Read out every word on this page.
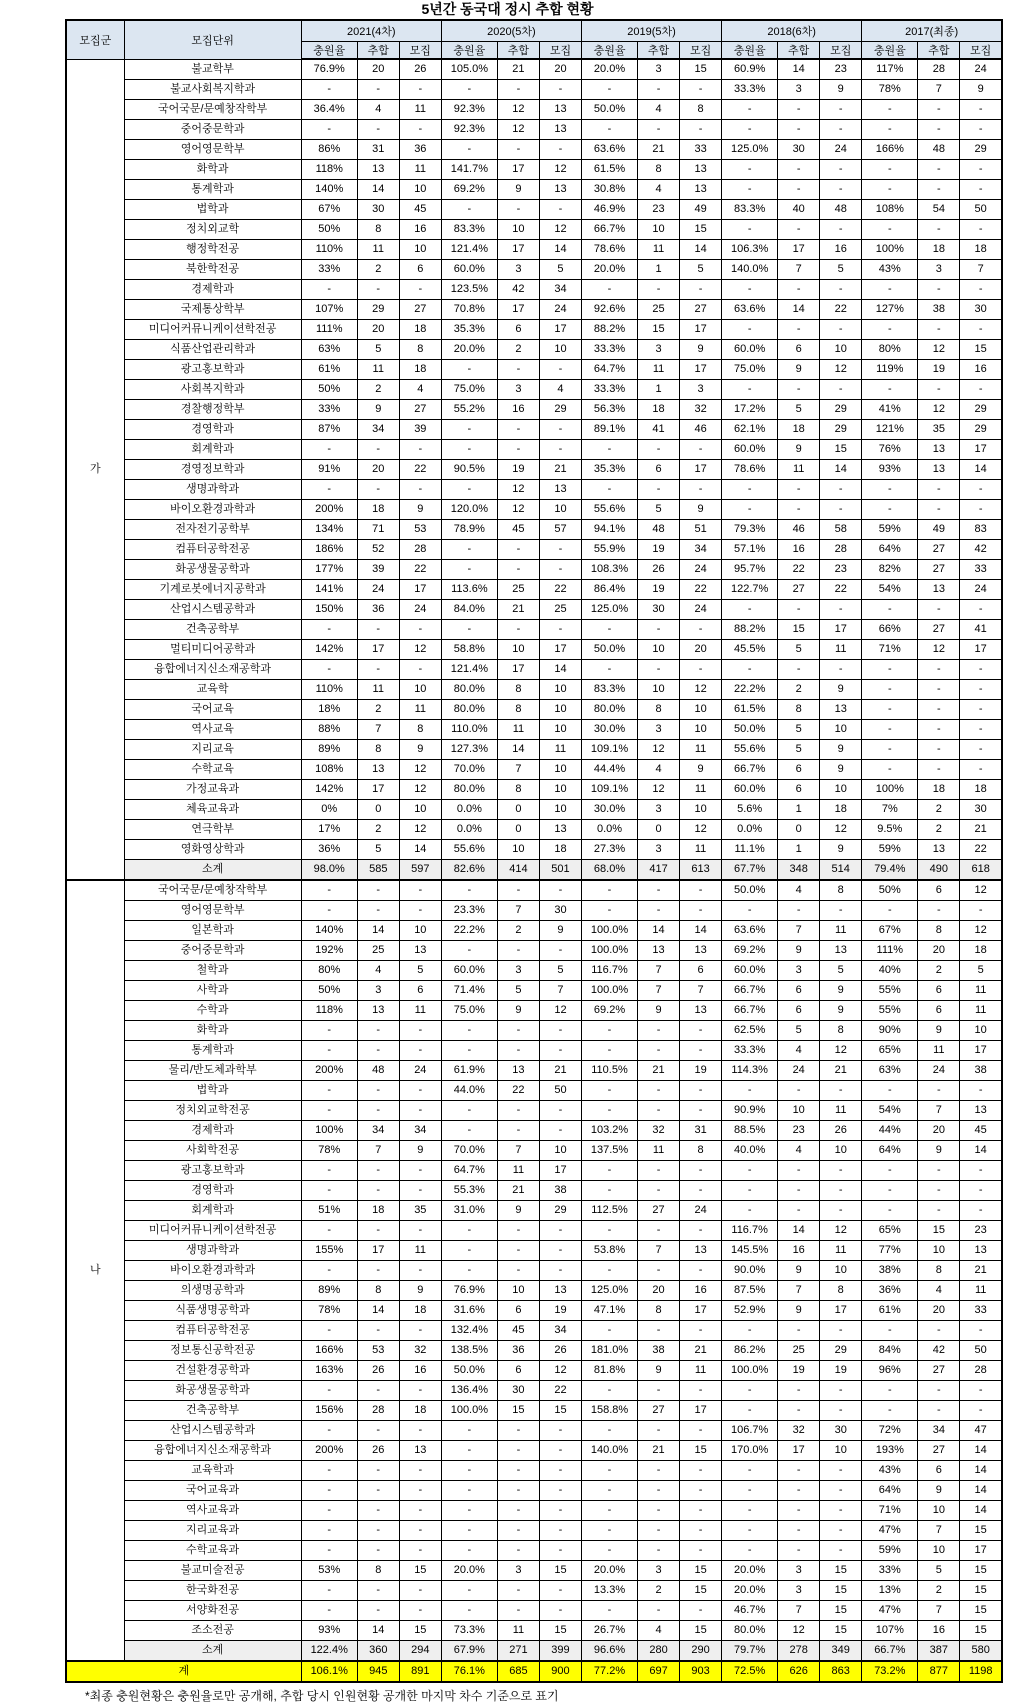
5년간 동국대 정시 추합 현황
모집군	모집단위	2021(4차)			2020(5차)			2019(5차)			2018(6차)			2017(최종)		
		충원율	추합	모집	충원율	추합	모집	충원율	추합	모집	충원율	추합	모집	충원율	추합	모집
가	불교학부	76.9%	20	26	105.0%	21	20	20.0%	3	15	60.9%	14	23	117%	28	24
	불교사회복지학과	-	-	-	-	-	-	-	-	-	33.3%	3	9	78%	7	9
	국어국문/문예창작학부	36.4%	4	11	92.3%	12	13	50.0%	4	8	-	-	-	-	-	-
	중어중문학과	-	-	-	92.3%	12	13	-	-	-	-	-	-	-	-	-
	영어영문학부	86%	31	36	-	-	-	63.6%	21	33	125.0%	30	24	166%	48	29
	화학과	118%	13	11	141.7%	17	12	61.5%	8	13	-	-	-	-	-	-
	통계학과	140%	14	10	69.2%	9	13	30.8%	4	13	-	-	-	-	-	-
	법학과	67%	30	45	-	-	-	46.9%	23	49	83.3%	40	48	108%	54	50
	정치외교학	50%	8	16	83.3%	10	12	66.7%	10	15	-	-	-	-	-	-
	행정학전공	110%	11	10	121.4%	17	14	78.6%	11	14	106.3%	17	16	100%	18	18
	북한학전공	33%	2	6	60.0%	3	5	20.0%	1	5	140.0%	7	5	43%	3	7
	경제학과	-	-	-	123.5%	42	34	-	-	-	-	-	-	-	-	-
	국제통상학부	107%	29	27	70.8%	17	24	92.6%	25	27	63.6%	14	22	127%	38	30
	미디어커뮤니케이션학전공	111%	20	18	35.3%	6	17	88.2%	15	17	-	-	-	-	-	-
	식품산업관리학과	63%	5	8	20.0%	2	10	33.3%	3	9	60.0%	6	10	80%	12	15
	광고홍보학과	61%	11	18	-	-	-	64.7%	11	17	75.0%	9	12	119%	19	16
	사회복지학과	50%	2	4	75.0%	3	4	33.3%	1	3	-	-	-	-	-	-
	경찰행정학부	33%	9	27	55.2%	16	29	56.3%	18	32	17.2%	5	29	41%	12	29
	경영학과	87%	34	39	-	-	-	89.1%	41	46	62.1%	18	29	121%	35	29
	회계학과	-	-	-	-	-	-	-	-	-	60.0%	9	15	76%	13	17
	경영정보학과	91%	20	22	90.5%	19	21	35.3%	6	17	78.6%	11	14	93%	13	14
	생명과학과	-	-	-	-	12	13	-	-	-	-	-	-	-	-	-
	바이오환경과학과	200%	18	9	120.0%	12	10	55.6%	5	9	-	-	-	-	-	-
	전자전기공학부	134%	71	53	78.9%	45	57	94.1%	48	51	79.3%	46	58	59%	49	83
	컴퓨터공학전공	186%	52	28	-	-	-	55.9%	19	34	57.1%	16	28	64%	27	42
	화공생물공학과	177%	39	22	-	-	-	108.3%	26	24	95.7%	22	23	82%	27	33
	기계로봇에너지공학과	141%	24	17	113.6%	25	22	86.4%	19	22	122.7%	27	22	54%	13	24
	산업시스템공학과	150%	36	24	84.0%	21	25	125.0%	30	24	-	-	-	-	-	-
	건축공학부	-	-	-	-	-	-	-	-	-	88.2%	15	17	66%	27	41
	멀티미디어공학과	142%	17	12	58.8%	10	17	50.0%	10	20	45.5%	5	11	71%	12	17
	융합에너지신소재공학과	-	-	-	121.4%	17	14	-	-	-	-	-	-	-	-	-
	교육학	110%	11	10	80.0%	8	10	83.3%	10	12	22.2%	2	9	-	-	-
	국어교육	18%	2	11	80.0%	8	10	80.0%	8	10	61.5%	8	13	-	-	-
	역사교육	88%	7	8	110.0%	11	10	30.0%	3	10	50.0%	5	10	-	-	-
	지리교육	89%	8	9	127.3%	14	11	109.1%	12	11	55.6%	5	9	-	-	-
	수학교육	108%	13	12	70.0%	7	10	44.4%	4	9	66.7%	6	9	-	-	-
	가정교육과	142%	17	12	80.0%	8	10	109.1%	12	11	60.0%	6	10	100%	18	18
	체육교육과	0%	0	10	0.0%	0	10	30.0%	3	10	5.6%	1	18	7%	2	30
	연극학부	17%	2	12	0.0%	0	13	0.0%	0	12	0.0%	0	12	9.5%	2	21
	영화영상학과	36%	5	14	55.6%	10	18	27.3%	3	11	11.1%	1	9	59%	13	22
	소계	98.0%	585	597	82.6%	414	501	68.0%	417	613	67.7%	348	514	79.4%	490	618
나	국어국문/문예창작학부	-	-	-	-	-	-	-	-	-	50.0%	4	8	50%	6	12
	영어영문학부	-	-	-	23.3%	7	30	-	-	-	-	-	-	-	-	-
	일본학과	140%	14	10	22.2%	2	9	100.0%	14	14	63.6%	7	11	67%	8	12
	중어중문학과	192%	25	13	-	-	-	100.0%	13	13	69.2%	9	13	111%	20	18
	철학과	80%	4	5	60.0%	3	5	116.7%	7	6	60.0%	3	5	40%	2	5
	사학과	50%	3	6	71.4%	5	7	100.0%	7	7	66.7%	6	9	55%	6	11
	수학과	118%	13	11	75.0%	9	12	69.2%	9	13	66.7%	6	9	55%	6	11
	화학과	-	-	-	-	-	-	-	-	-	62.5%	5	8	90%	9	10
	통계학과	-	-	-	-	-	-	-	-	-	33.3%	4	12	65%	11	17
	물리/반도체과학부	200%	48	24	61.9%	13	21	110.5%	21	19	114.3%	24	21	63%	24	38
	법학과	-	-	-	44.0%	22	50	-	-	-	-	-	-	-	-	-
	정치외교학전공	-	-	-	-	-	-	-	-	-	90.9%	10	11	54%	7	13
	경제학과	100%	34	34	-	-	-	103.2%	32	31	88.5%	23	26	44%	20	45
	사회학전공	78%	7	9	70.0%	7	10	137.5%	11	8	40.0%	4	10	64%	9	14
	광고홍보학과	-	-	-	64.7%	11	17	-	-	-	-	-	-	-	-	-
	경영학과	-	-	-	55.3%	21	38	-	-	-	-	-	-	-	-	-
	회계학과	51%	18	35	31.0%	9	29	112.5%	27	24	-	-	-	-	-	-
	미디어커뮤니케이션학전공	-	-	-	-	-	-	-	-	-	116.7%	14	12	65%	15	23
	생명과학과	155%	17	11	-	-	-	53.8%	7	13	145.5%	16	11	77%	10	13
	바이오환경과학과	-	-	-	-	-	-	-	-	-	90.0%	9	10	38%	8	21
	의생명공학과	89%	8	9	76.9%	10	13	125.0%	20	16	87.5%	7	8	36%	4	11
	식품생명공학과	78%	14	18	31.6%	6	19	47.1%	8	17	52.9%	9	17	61%	20	33
	컴퓨터공학전공	-	-	-	132.4%	45	34	-	-	-	-	-	-	-	-	-
	정보통신공학전공	166%	53	32	138.5%	36	26	181.0%	38	21	86.2%	25	29	84%	42	50
	건설환경공학과	163%	26	16	50.0%	6	12	81.8%	9	11	100.0%	19	19	96%	27	28
	화공생물공학과	-	-	-	136.4%	30	22	-	-	-	-	-	-	-	-	-
	건축공학부	156%	28	18	100.0%	15	15	158.8%	27	17	-	-	-	-	-	-
	산업시스템공학과	-	-	-	-	-	-	-	-	-	106.7%	32	30	72%	34	47
	융합에너지신소재공학과	200%	26	13	-	-	-	140.0%	21	15	170.0%	17	10	193%	27	14
	교육학과	-	-	-	-	-	-	-	-	-	-	-	-	43%	6	14
	국어교육과	-	-	-	-	-	-	-	-	-	-	-	-	64%	9	14
	역사교육과	-	-	-	-	-	-	-	-	-	-	-	-	71%	10	14
	지리교육과	-	-	-	-	-	-	-	-	-	-	-	-	47%	7	15
	수학교육과	-	-	-	-	-	-	-	-	-	-	-	-	59%	10	17
	불교미술전공	53%	8	15	20.0%	3	15	20.0%	3	15	20.0%	3	15	33%	5	15
	한국화전공	-	-	-	-	-	-	13.3%	2	15	20.0%	3	15	13%	2	15
	서양화전공	-	-	-	-	-	-	-	-	-	46.7%	7	15	47%	7	15
	조소전공	93%	14	15	73.3%	11	15	26.7%	4	15	80.0%	12	15	107%	16	15
	소계	122.4%	360	294	67.9%	271	399	96.6%	280	290	79.7%	278	349	66.7%	387	580
계		106.1%	945	891	76.1%	685	900	77.2%	697	903	72.5%	626	863	73.2%	877	1198
*최종 충원현황은 충원율로만 공개해, 추합 당시 인원현황 공개한 마지막 차수 기준으로 표기
